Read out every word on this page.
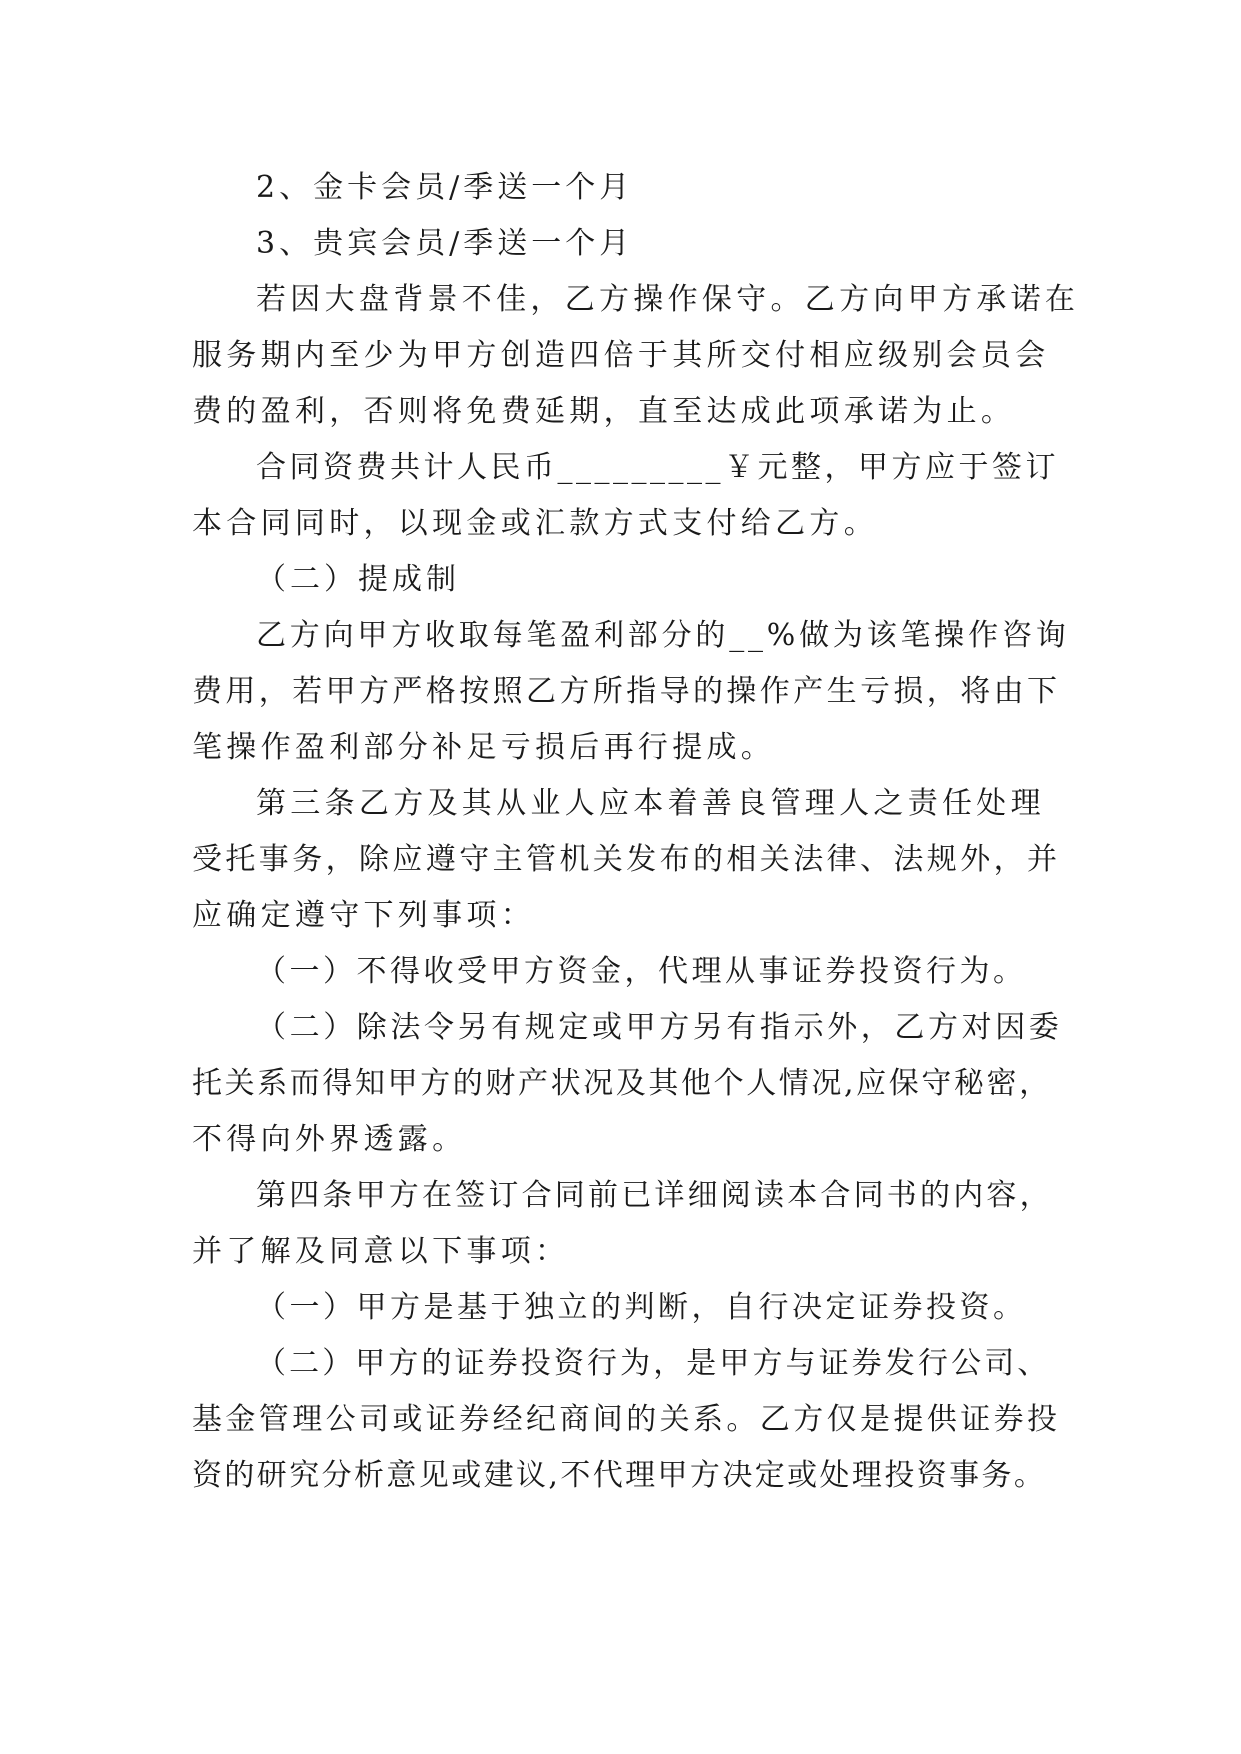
2、金卡会员/季送一个月
3、贵宾会员/季送一个月
若因大盘背景不佳，乙方操作保守。乙方向甲方承诺在
服务期内至少为甲方创造四倍于其所交付相应级别会员会
费的盈利，否则将免费延期，直至达成此项承诺为止。
合同资费共计人民币_________￥元整，甲方应于签订
本合同同时，以现金或汇款方式支付给乙方。
（二）提成制
乙方向甲方收取每笔盈利部分的__%做为该笔操作咨询
费用，若甲方严格按照乙方所指导的操作产生亏损，将由下
笔操作盈利部分补足亏损后再行提成。
第三条乙方及其从业人应本着善良管理人之责任处理
受托事务，除应遵守主管机关发布的相关法律、法规外，并
应确定遵守下列事项：
（一）不得收受甲方资金，代理从事证券投资行为。
（二）除法令另有规定或甲方另有指示外，乙方对因委
托关系而得知甲方的财产状况及其他个人情况,应保守秘密，
不得向外界透露。
第四条甲方在签订合同前已详细阅读本合同书的内容，
并了解及同意以下事项：
（一）甲方是基于独立的判断，自行决定证券投资。
（二）甲方的证券投资行为，是甲方与证券发行公司、
基金管理公司或证券经纪商间的关系。乙方仅是提供证券投
资的研究分析意见或建议,不代理甲方决定或处理投资事务。
